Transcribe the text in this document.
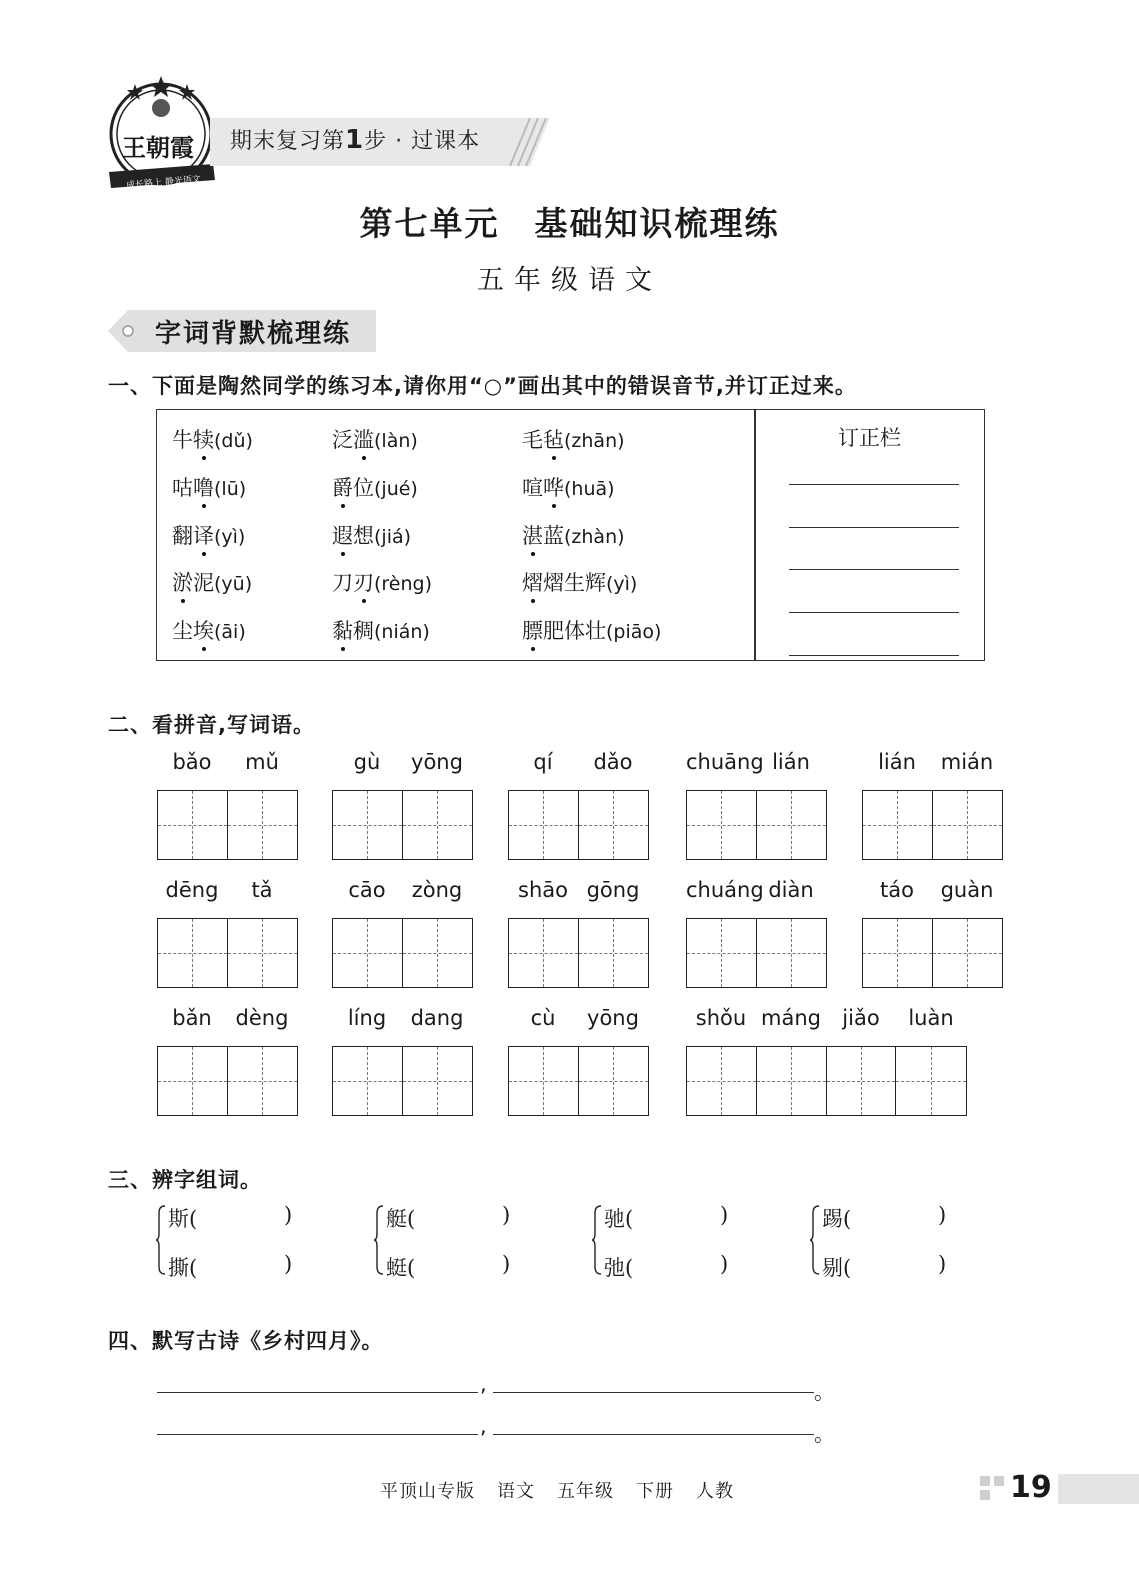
王朝霞
成长路上 静光语文
期末复习第1步 · 过课本
第七单元　基础知识梳理练
五年级语文
字词背默梳理练
一、下面是陶然同学的练习本,请你用“○”画出其中的错误音节,并订正过来。
订正栏
牛犊(dǔ)	泛滥(làn)	毛毡(zhān)
咕噜(lū)	爵位(jué)	喧哗(huā)
翻译(yì)	遐想(jiá)	湛蓝(zhàn)
淤泥(yū)	刀刃(rèng)	熠熠生辉(yì)
尘埃(āi)	黏稠(nián)	膘肥体壮(piāo)
二、看拼音,写词语。
bǎo	mǔ	gù	yōng	qí	dǎo	chuāng lián	lián	mián
dēng	tǎ	cāo	zòng	shāo gōng	chuáng diàn	táo	guàn
bǎn	dèng	líng	dang	cù	yōng	shǒu máng	jiǎo	luàn
三、辨字组词。
斯(	)
撕(	)
艇(	)
蜓(	)
驰(	)
弛(	)
踢(	)
剔(	)
四、默写古诗《乡村四月》。
,	。
,	。
平顶山专版 语文 五年级 下册 人教	19
